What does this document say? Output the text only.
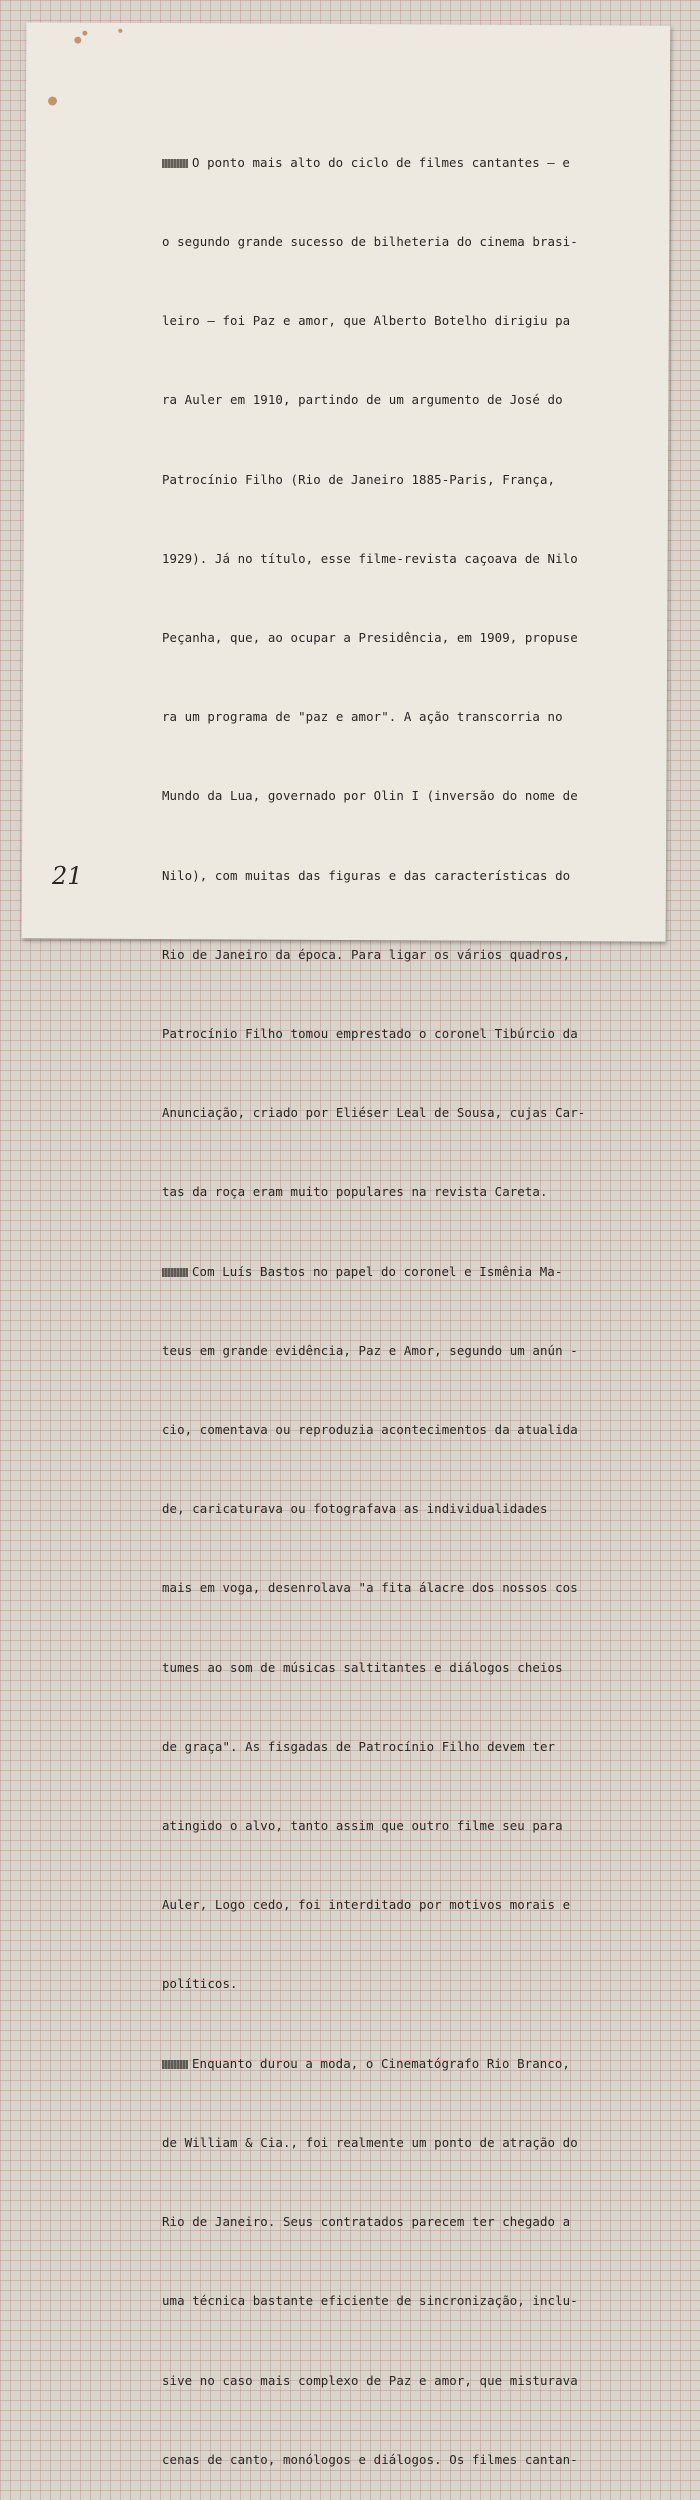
O ponto mais alto do ciclo de filmes cantantes — e

o segundo grande sucesso de bilheteria do cinema brasi-

leiro — foi Paz e amor, que Alberto Botelho dirigiu pa

ra Auler em 1910, partindo de um argumento de José do

Patrocínio Filho (Rio de Janeiro 1885-Paris, França,

1929). Já no título, esse filme-revista caçoava de Nilo

Peçanha, que, ao ocupar a Presidência, em 1909, propuse

ra um programa de "paz e amor". A ação transcorria no

Mundo da Lua, governado por Olin I (inversão do nome de

Nilo), com muitas das figuras e das características do

Rio de Janeiro da época. Para ligar os vários quadros,

Patrocínio Filho tomou emprestado o coronel Tibúrcio da

Anunciação, criado por Eliéser Leal de Sousa, cujas Car-

tas da roça eram muito populares na revista Careta.

Com Luís Bastos no papel do coronel e Ismênia Ma-

teus em grande evidência, Paz e Amor, segundo um anún -

cio, comentava ou reproduzia acontecimentos da atualida

de, caricaturava ou fotografava as individualidades

mais em voga, desenrolava "a fita álacre dos nossos cos

tumes ao som de músicas saltitantes e diálogos cheios

de graça". As fisgadas de Patrocínio Filho devem ter

atingido o alvo, tanto assim que outro filme seu para

Auler, Logo cedo, foi interditado por motivos morais e

políticos.

Enquanto durou a moda, o Cinematógrafo Rio Branco,

de William & Cia., foi realmente um ponto de atração do

Rio de Janeiro. Seus contratados parecem ter chegado a

uma técnica bastante eficiente de sincronização, inclu-

sive no caso mais complexo de Paz e amor, que misturava

cenas de canto, monólogos e diálogos. Os filmes cantan-

21
